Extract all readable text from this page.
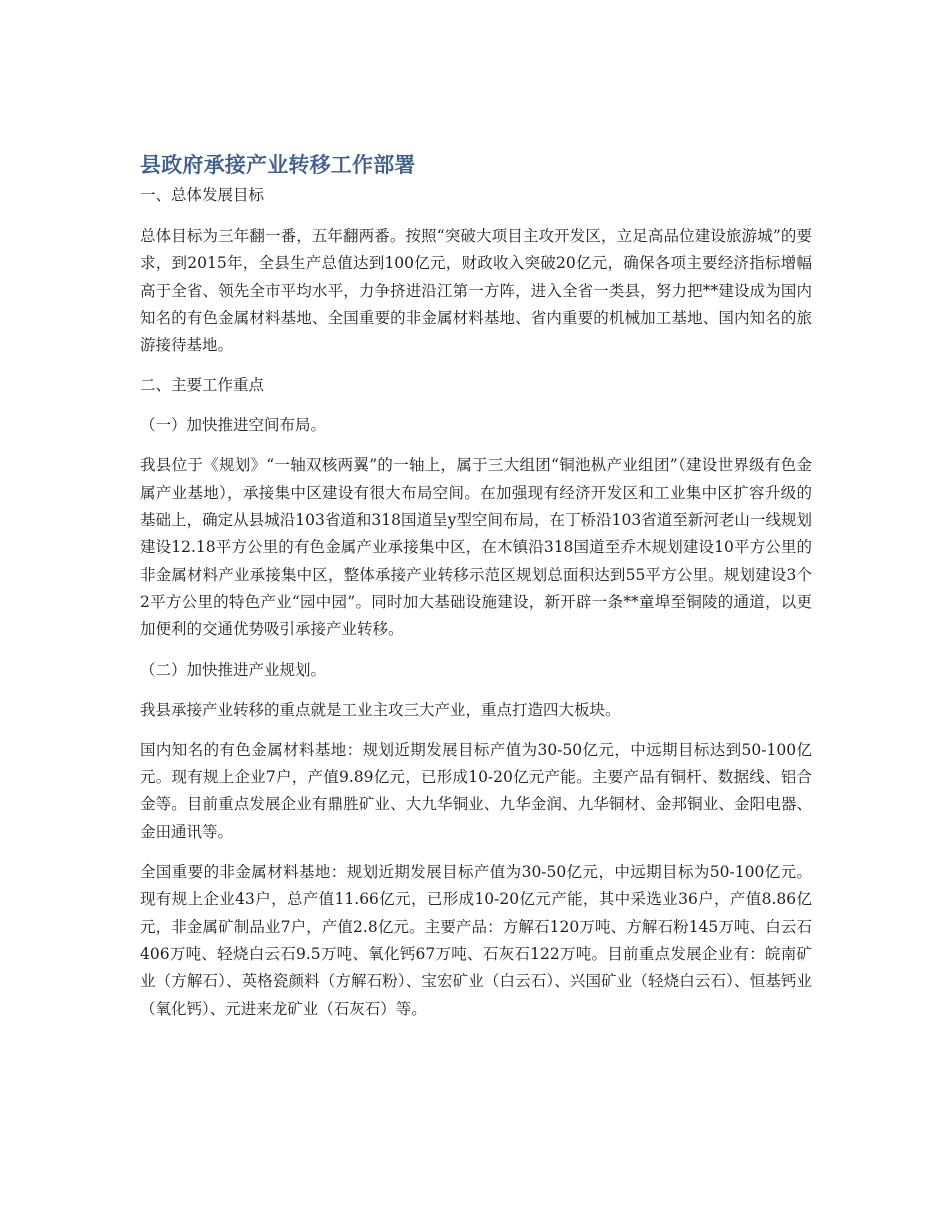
县政府承接产业转移工作部署

一、总体发展目标

总体目标为三年翻一番，五年翻两番。按照“突破大项目主攻开发区，立足高品位建设旅游城”的要求，到2015年，全县生产总值达到100亿元，财政收入突破20亿元，确保各项主要经济指标增幅高于全省、领先全市平均水平，力争挤进沿江第一方阵，进入全省一类县，努力把**建设成为国内知名的有色金属材料基地、全国重要的非金属材料基地、省内重要的机械加工基地、国内知名的旅游接待基地。

二、主要工作重点

（一）加快推进空间布局。

我县位于《规划》“一轴双核两翼”的一轴上，属于三大组团“铜池枞产业组团”（建设世界级有色金属产业基地），承接集中区建设有很大布局空间。在加强现有经济开发区和工业集中区扩容升级的基础上，确定从县城沿103省道和318国道呈y型空间布局，在丁桥沿103省道至新河老山一线规划建设12.18平方公里的有色金属产业承接集中区，在木镇沿318国道至乔木规划建设10平方公里的非金属材料产业承接集中区，整体承接产业转移示范区规划总面积达到55平方公里。规划建设3个2平方公里的特色产业“园中园”。同时加大基础设施建设，新开辟一条**童埠至铜陵的通道，以更加便利的交通优势吸引承接产业转移。

（二）加快推进产业规划。

我县承接产业转移的重点就是工业主攻三大产业，重点打造四大板块。

国内知名的有色金属材料基地：规划近期发展目标产值为30-50亿元，中远期目标达到50-100亿元。现有规上企业7户，产值9.89亿元，已形成10-20亿元产能。主要产品有铜杆、数据线、铝合金等。目前重点发展企业有鼎胜矿业、大九华铜业、九华金润、九华铜材、金邦铜业、金阳电器、金田通讯等。

全国重要的非金属材料基地：规划近期发展目标产值为30-50亿元，中远期目标为50-100亿元。现有规上企业43户，总产值11.66亿元，已形成10-20亿元产能，其中采选业36户，产值8.86亿元，非金属矿制品业7户，产值2.8亿元。主要产品：方解石120万吨、方解石粉145万吨、白云石406万吨、轻烧白云石9.5万吨、氧化钙67万吨、石灰石122万吨。目前重点发展企业有：皖南矿业（方解石）、英格瓷颜料（方解石粉）、宝宏矿业（白云石）、兴国矿业（轻烧白云石）、恒基钙业（氧化钙）、元进来龙矿业（石灰石）等。
